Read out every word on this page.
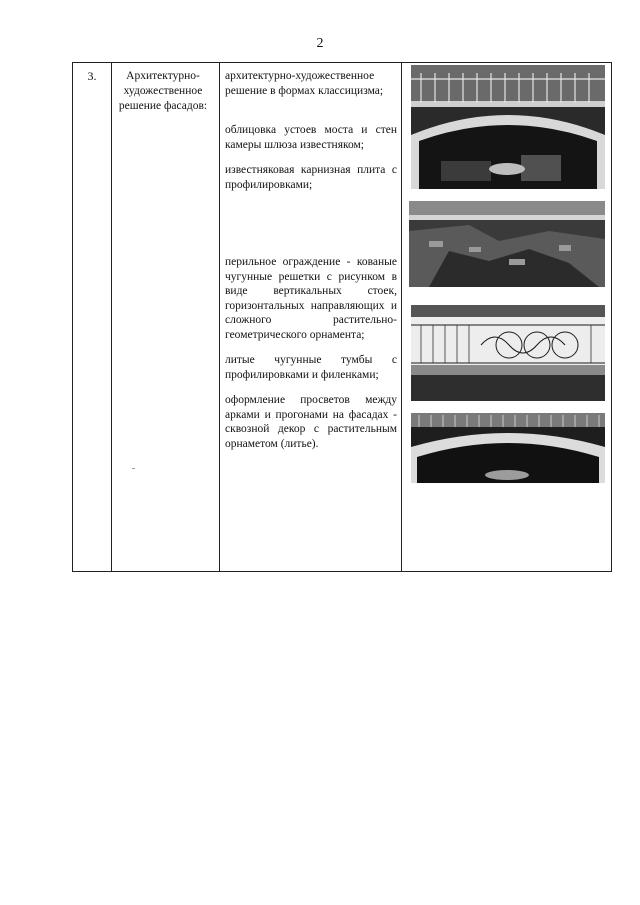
2
3.	Архитектурно-художественное решение фасадов:
архитектурно-художественное решение в формах классицизма;
облицовка устоев моста и стен камеры шлюза известняком;
известняковая карнизная плита с профилировками;
перильное ограждение - кованые чугунные решетки с рисунком в виде вертикальных стоек, горизонтальных направляющих и сложного растительно-геометрического орнамента;
литые чугунные тумбы с профилировками и филенками;
оформление просветов между арками и прогонами на фасадах - сквозной декор с растительным орнаметом (литье).
